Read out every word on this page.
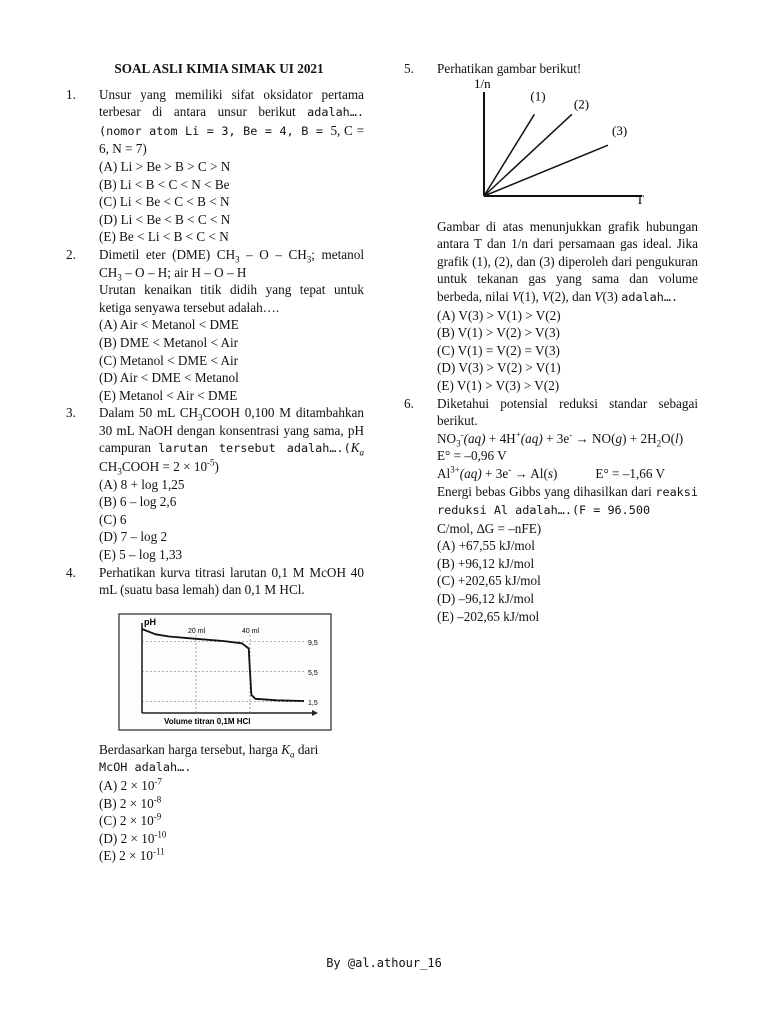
SOAL ASLI KIMIA SIMAK UI 2021
1. Unsur yang memiliki sifat oksidator pertama terbesar di antara unsur berikut adalah….(nomor atom Li = 3, Be = 4, B = 5, C = 6, N = 7)
(A) Li > Be > B > C > N
(B) Li < B < C < N < Be
(C) Li < Be < C < B < N
(D) Li < Be < B < C < N
(E) Be < Li < B < C < N
2. Dimetil eter (DME) $CH_3$ – O – $CH_3$; metanol $CH_3$ – O – H; air H – O – H
Urutan kenaikan titik didih yang tepat untuk ketiga senyawa tersebut adalah….
(A) Air < Metanol < DME
(B) DME < Metanol < Air
(C) Metanol < DME < Air
(D) Air < DME < Metanol
(E) Metanol < Air < DME
3. Dalam 50 mL $CH_3COOH$ 0,100 M ditambahkan 30 mL NaOH dengan konsentrasi yang sama, pH campuran larutan tersebut $adalah\dots.(K_a$ $CH_3COOH = 2 \times 10^{-5}$)
(A) 8 + log 1,25
(B) 6 – log 2,6
(C) 6
(D) 7 – log 2
(E) 5 – log 1,33
4. Perhatikan kurva titrasi larutan 0,1 M McOH 40 mL (suatu basa lemah) dan 0,1 M HCl.
pH
Volume titran 0,1M HCl
20 ml	40 ml
9,5
5,5
1,5
Berdasarkan harga tersebut, harga $K_a$ dari
McOH adalah….
(A) $2 \times 10^{-7}$
(B) $2 \times 10^{-8}$
(C) $2 \times 10^{-9}$
(D) $2 \times 10^{-10}$
(E) $2 \times 10^{-11}$
5. Perhatikan gambar berikut!
1/n
T
(1)
(2)
(3)
Gambar di atas menunjukkan grafik hubungan antara T dan 1/n dari persamaan gas ideal. Jika grafik (1), (2), dan (3) diperoleh dari pengukuran untuk tekanan gas yang sama dan volume berbeda, nilai V(1), V(2), dan V(3) adalah….
(A) V(3) > V(1) > V(2)
(B) V(1) > V(2) > V(3)
(C) V(1) = V(2) = V(3)
(D) V(3) > V(2) > V(1)
(E) V(1) > V(3) > V(2)
6. Diketahui potensial reduksi standar sebagai berikut.
$NO_3^-(aq) + 4H^+(aq) + 3e^- \to NO(g) + 2H_2O(l)$
E° = –0,96 V
$Al^{3+}(aq) + 3e^- \to Al(s)$	E° = –1,66 V
Energi bebas Gibbs yang dihasilkan dari reaksi reduksi Al adalah….(F = 96.500
C/mol, ∆G = –nFE)
(A) +67,55 kJ/mol
(B) +96,12 kJ/mol
(C) +202,65 kJ/mol
(D) –96,12 kJ/mol
(E) –202,65 kJ/mol
By @al.athour_16
